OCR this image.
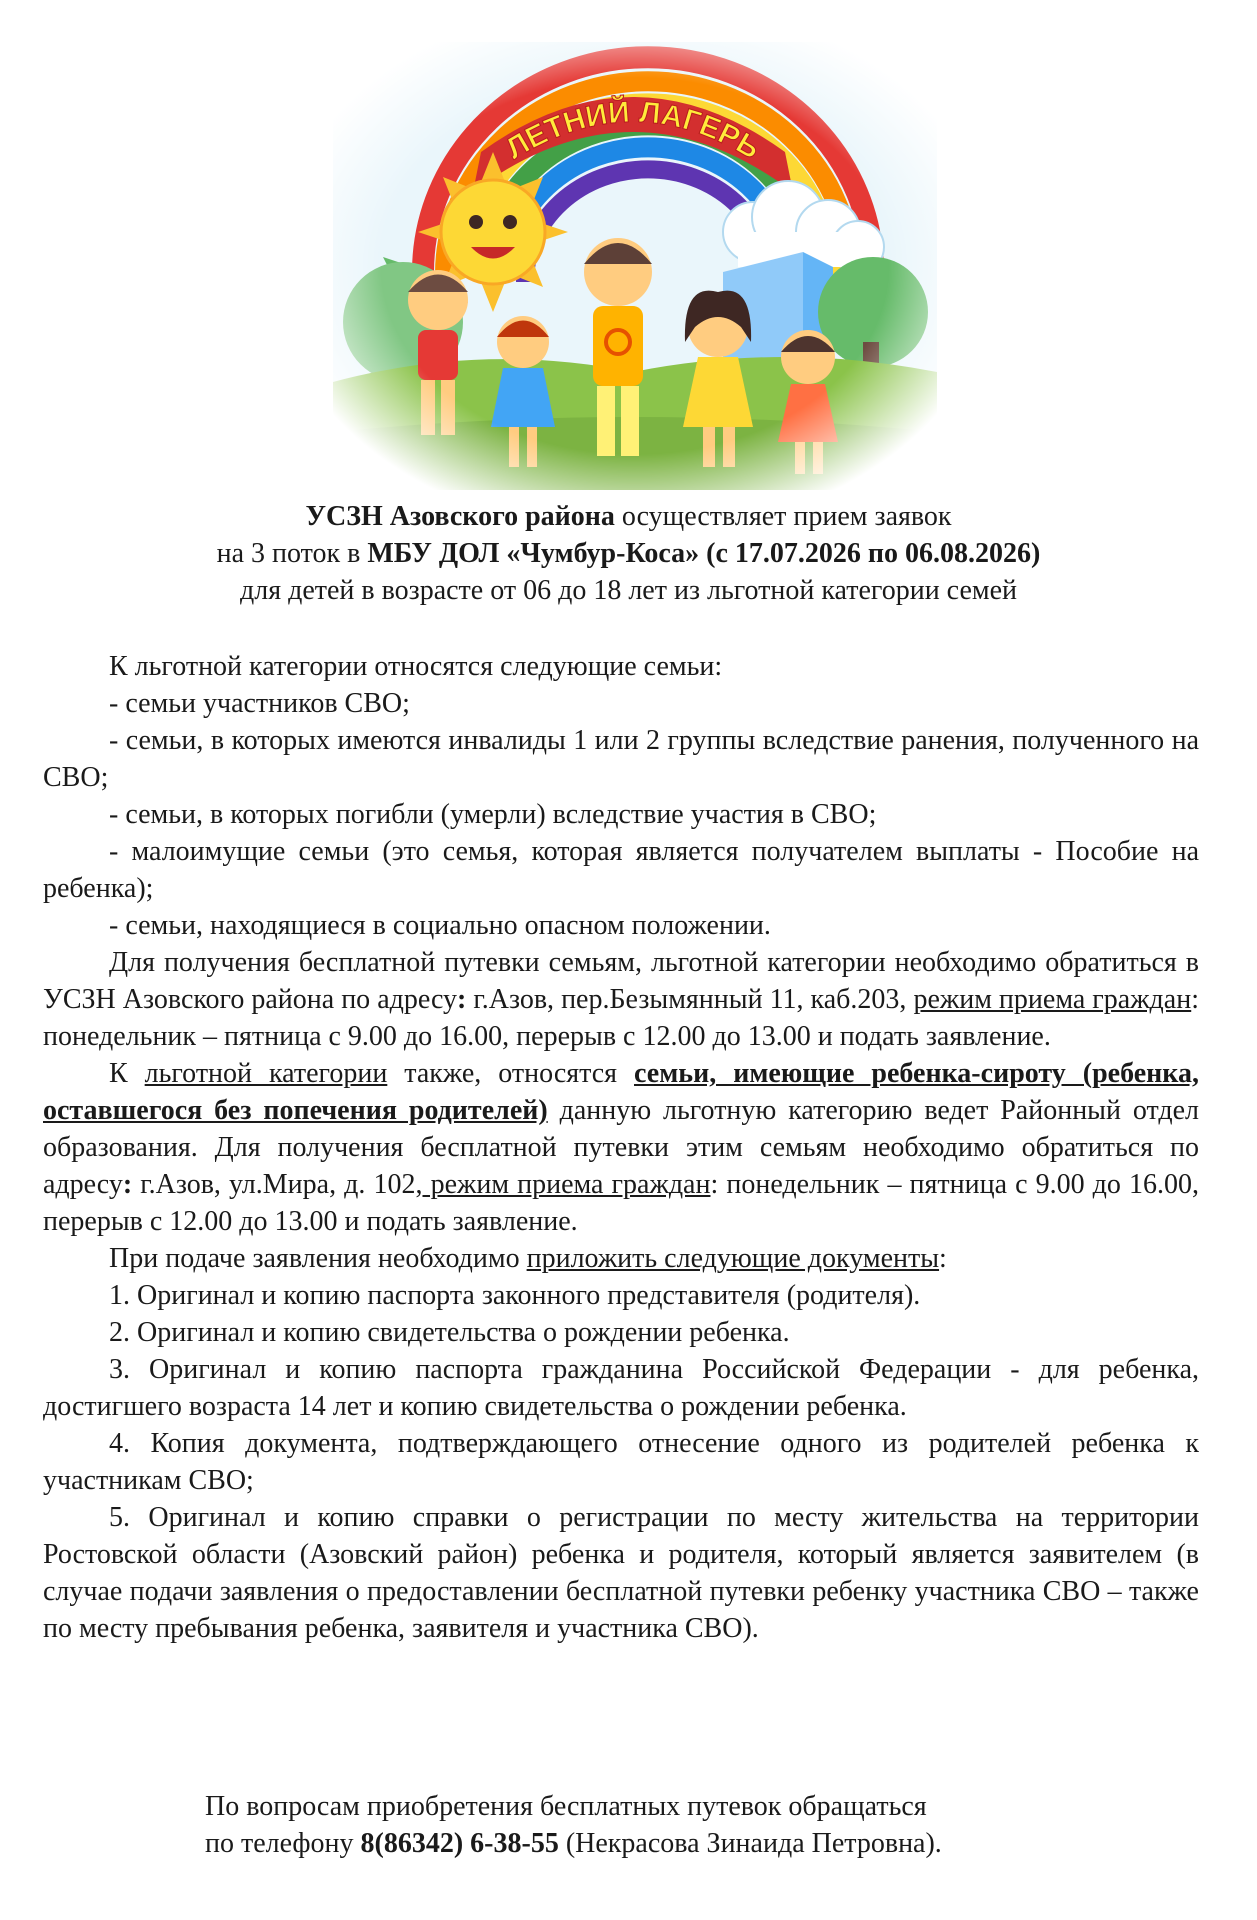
УСЗН Азовского района осуществляет прием заявок

на 3 поток в МБУ ДОЛ «Чумбур-Коса» (с 17.07.2026 по 06.08.2026)

для детей в возрасте от 06 до 18 лет из льготной категории семей

К льготной категории относятся следующие семьи:

- семьи участников СВО;

- семьи, в которых имеются инвалиды 1 или 2 группы вследствие ранения, полученного на СВО;

- семьи, в которых погибли (умерли) вследствие участия в СВО;

- малоимущие семьи (это семья, которая является получателем выплаты - Пособие на ребенка);

- семьи, находящиеся в социально опасном положении.

Для получения бесплатной путевки семьям, льготной категории необходимо обратиться в УСЗН Азовского района по адресу: г.Азов, пер.Безымянный 11, каб.203, режим приема граждан: понедельник – пятница с 9.00 до 16.00, перерыв с 12.00 до 13.00 и подать заявление.

К льготной категории также, относятся семьи, имеющие ребенка-сироту (ребенка, оставшегося без попечения родителей) данную льготную категорию ведет Районный отдел образования. Для получения бесплатной путевки этим семьям необходимо обратиться по адресу: г.Азов, ул.Мира, д. 102, режим приема граждан: понедельник – пятница с 9.00 до 16.00, перерыв с 12.00 до 13.00 и подать заявление.

При подаче заявления необходимо приложить следующие документы:

1. Оригинал и копию паспорта законного представителя (родителя).

2. Оригинал и копию свидетельства о рождении ребенка.

3. Оригинал и копию паспорта гражданина Российской Федерации - для ребенка, достигшего возраста 14 лет и копию свидетельства о рождении ребенка.

4. Копия документа, подтверждающего отнесение одного из родителей ребенка к участникам СВО;

5. Оригинал и копию справки о регистрации по месту жительства на территории Ростовской области (Азовский район) ребенка и родителя, который является заявителем (в случае подачи заявления о предоставлении бесплатной путевки ребенку участника СВО – также по месту пребывания ребенка, заявителя и участника СВО).

По вопросам приобретения бесплатных путевок обращаться

по телефону 8(86342) 6-38-55 (Некрасова Зинаида Петровна).
